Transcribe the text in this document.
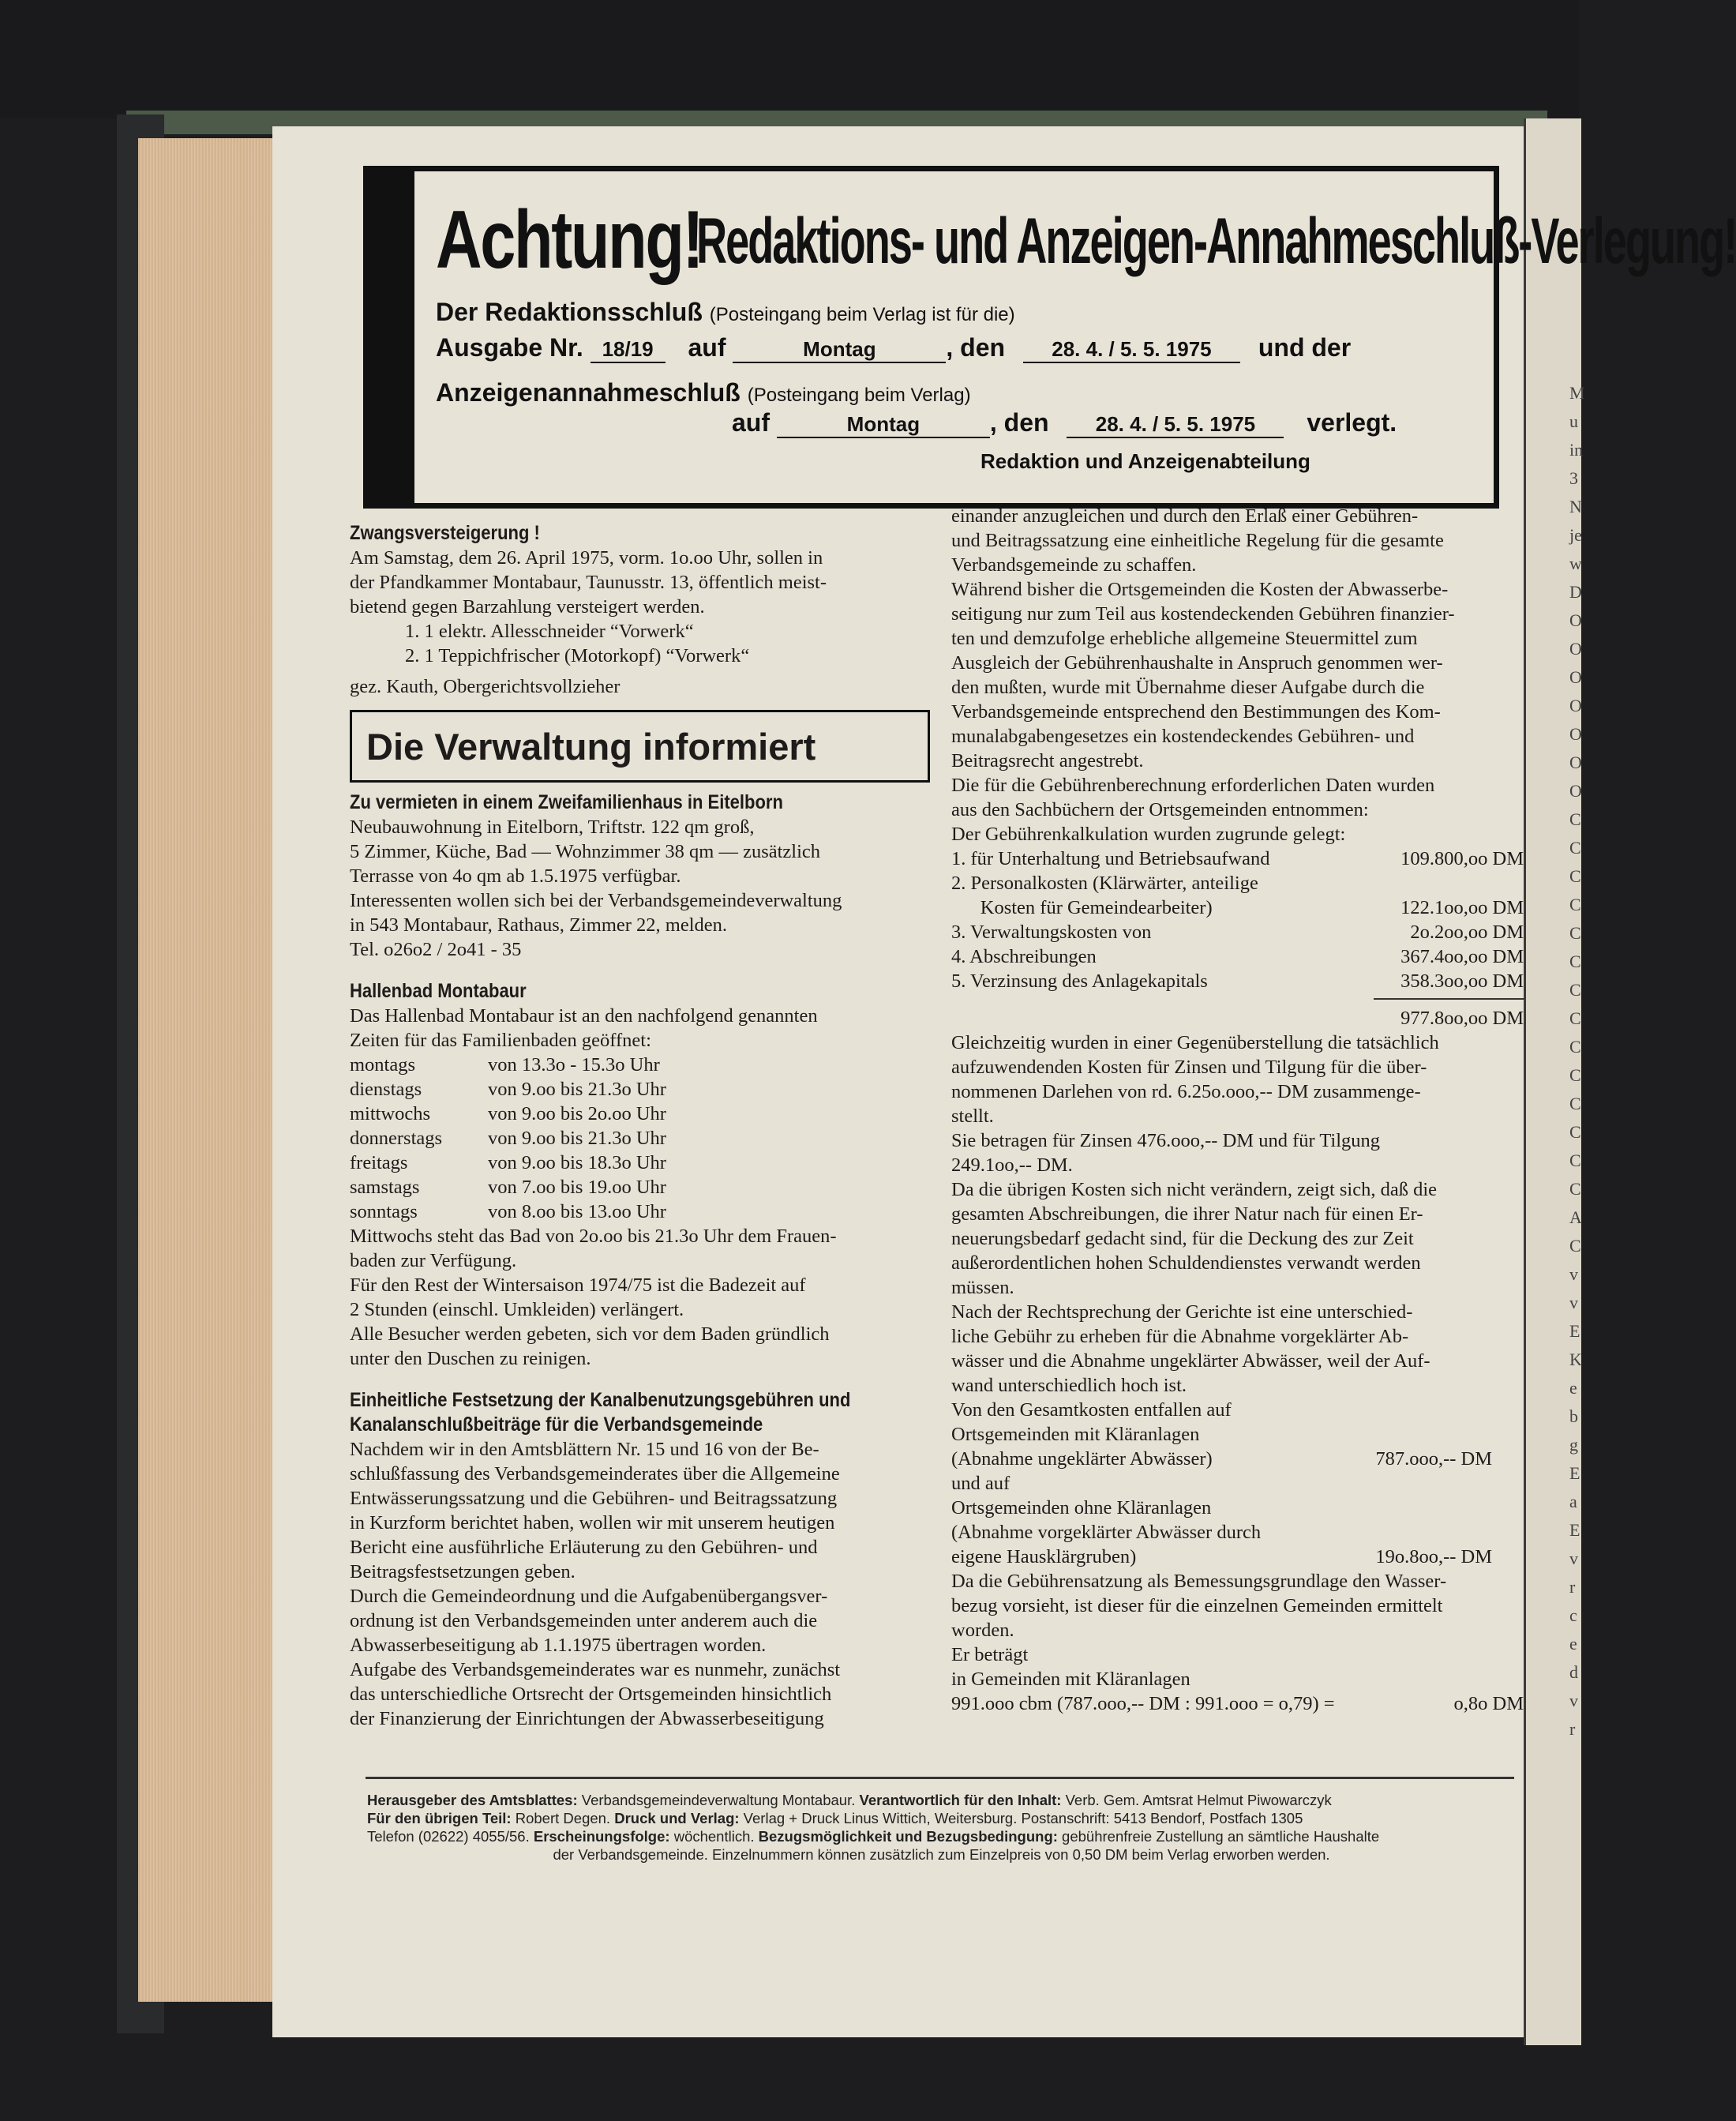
M
u
in
3
N
je
w
D
O
O
O
O
O
O
O
C
C
C
C
C
C
C
C
C
C
C
C
C
C
A
C
v
v
E
K
e
b
g
E
a
E
v
r
c
e
d
v
r
Achtung!
Redaktions- und Anzeigen-Annahmeschluß-Verlegung!
Der Redaktionsschluß (Posteingang beim Verlag ist für die)
Ausgabe Nr. 18/19 auf	Montag	, den 28. 4. / 5. 5. 1975 und der
Anzeigenannahmeschluß (Posteingang beim Verlag)
auf	Montag	, den 28. 4. / 5. 5. 1975 verlegt.
Redaktion und Anzeigenabteilung
Zwangsversteigerung !

Am Samstag, dem 26. April 1975, vorm. 1o.oo Uhr, sollen in

der Pfandkammer Montabaur, Taunusstr. 13, öffentlich meist-

bietend gegen Barzahlung versteigert werden.

1. 1 elektr. Allesschneider “Vorwerk“

2. 1 Teppichfrischer (Motorkopf) “Vorwerk“

gez. Kauth, Obergerichtsvollzieher

Die Verwaltung informiert
Zu vermieten in einem Zweifamilienhaus in Eitelborn

Neubauwohnung in Eitelborn, Triftstr. 122 qm groß,

5 Zimmer, Küche, Bad — Wohnzimmer 38 qm — zusätzlich

Terrasse von 4o qm ab 1.5.1975 verfügbar.

Interessenten wollen sich bei der Verbandsgemeindeverwaltung

in 543 Montabaur, Rathaus, Zimmer 22, melden.

Tel. o26o2 / 2o41 - 35

Hallenbad Montabaur

Das Hallenbad Montabaur ist an den nachfolgend genannten

Zeiten für das Familienbaden geöffnet:

montags	von 13.3o - 15.3o Uhr
dienstags	von 9.oo bis 21.3o Uhr
mittwochs	von 9.oo bis 2o.oo Uhr
donnerstags	von 9.oo bis 21.3o Uhr
freitags	von 9.oo bis 18.3o Uhr
samstags	von 7.oo bis 19.oo Uhr
sonntags	von 8.oo bis 13.oo Uhr

Mittwochs steht das Bad von 2o.oo bis 21.3o Uhr dem Frauen-

baden zur Verfügung.

Für den Rest der Wintersaison 1974/75 ist die Badezeit auf

2 Stunden (einschl. Umkleiden) verlängert.

Alle Besucher werden gebeten, sich vor dem Baden gründlich

unter den Duschen zu reinigen.

Einheitliche Festsetzung der Kanalbenutzungsgebühren und
Kanalanschlußbeiträge für die Verbandsgemeinde

Nachdem wir in den Amtsblättern Nr. 15 und 16 von der Be-

schlußfassung des Verbandsgemeinderates über die Allgemeine

Entwässerungssatzung und die Gebühren- und Beitragssatzung

in Kurzform berichtet haben, wollen wir mit unserem heutigen

Bericht eine ausführliche Erläuterung zu den Gebühren- und

Beitragsfestsetzungen geben.

Durch die Gemeindeordnung und die Aufgabenübergangsver-

ordnung ist den Verbandsgemeinden unter anderem auch die

Abwasserbeseitigung ab 1.1.1975 übertragen worden.

Aufgabe des Verbandsgemeinderates war es nunmehr, zunächst

das unterschiedliche Ortsrecht der Ortsgemeinden hinsichtlich

der Finanzierung der Einrichtungen der Abwasserbeseitigung

einander anzugleichen und durch den Erlaß einer Gebühren-

und Beitragssatzung eine einheitliche Regelung für die gesamte

Verbandsgemeinde zu schaffen.

Während bisher die Ortsgemeinden die Kosten der Abwasserbe-

seitigung nur zum Teil aus kostendeckenden Gebühren finanzier-

ten und demzufolge erhebliche allgemeine Steuermittel zum

Ausgleich der Gebührenhaushalte in Anspruch genommen wer-

den mußten, wurde mit Übernahme dieser Aufgabe durch die

Verbandsgemeinde entsprechend den Bestimmungen des Kom-

munalabgabengesetzes ein kostendeckendes Gebühren- und

Beitragsrecht angestrebt.

Die für die Gebührenberechnung erforderlichen Daten wurden

aus den Sachbüchern der Ortsgemeinden entnommen:

Der Gebührenkalkulation wurden zugrunde gelegt:

1. für Unterhaltung und Betriebsaufwand	109.800,oo DM
2. Personalkosten (Klärwärter, anteilige
Kosten für Gemeindearbeiter)	122.1oo,oo DM
3. Verwaltungskosten von	2o.2oo,oo DM
4. Abschreibungen	367.4oo,oo DM
5. Verzinsung des Anlagekapitals	358.3oo,oo DM
977.8oo,oo DM

Gleichzeitig wurden in einer Gegenüberstellung die tatsächlich

aufzuwendenden Kosten für Zinsen und Tilgung für die über-

nommenen Darlehen von rd. 6.25o.ooo,-- DM zusammenge-

stellt.

Sie betragen für Zinsen 476.ooo,-- DM und für Tilgung

249.1oo,-- DM.

Da die übrigen Kosten sich nicht verändern, zeigt sich, daß die

gesamten Abschreibungen, die ihrer Natur nach für einen Er-

neuerungsbedarf gedacht sind, für die Deckung des zur Zeit

außerordentlichen hohen Schuldendienstes verwandt werden

müssen.

Nach der Rechtsprechung der Gerichte ist eine unterschied-

liche Gebühr zu erheben für die Abnahme vorgeklärter Ab-

wässer und die Abnahme ungeklärter Abwässer, weil der Auf-

wand unterschiedlich hoch ist.

Von den Gesamtkosten entfallen auf

Ortsgemeinden mit Kläranlagen

(Abnahme ungeklärter Abwässer)	787.ooo,-- DM

und auf

Ortsgemeinden ohne Kläranlagen

(Abnahme vorgeklärter Abwässer durch

eigene Hausklärgruben)	19o.8oo,-- DM

Da die Gebührensatzung als Bemessungsgrundlage den Wasser-

bezug vorsieht, ist dieser für die einzelnen Gemeinden ermittelt

worden.

Er beträgt

in Gemeinden mit Kläranlagen

991.ooo cbm (787.ooo,-- DM : 991.ooo = o,79) =	o,8o DM
Herausgeber des Amtsblattes: Verbandsgemeindeverwaltung Montabaur. Verantwortlich für den Inhalt: Verb. Gem. Amtsrat Helmut Piwowarczyk
Für den übrigen Teil: Robert Degen. Druck und Verlag: Verlag + Druck Linus Wittich, Weitersburg. Postanschrift: 5413 Bendorf, Postfach 1305
Telefon (02622) 4055/56. Erscheinungsfolge: wöchentlich. Bezugsmöglichkeit und Bezugsbedingung: gebührenfreie Zustellung an sämtliche Haushalte
der Verbandsgemeinde. Einzelnummern können zusätzlich zum Einzelpreis von 0,50 DM beim Verlag erworben werden.
